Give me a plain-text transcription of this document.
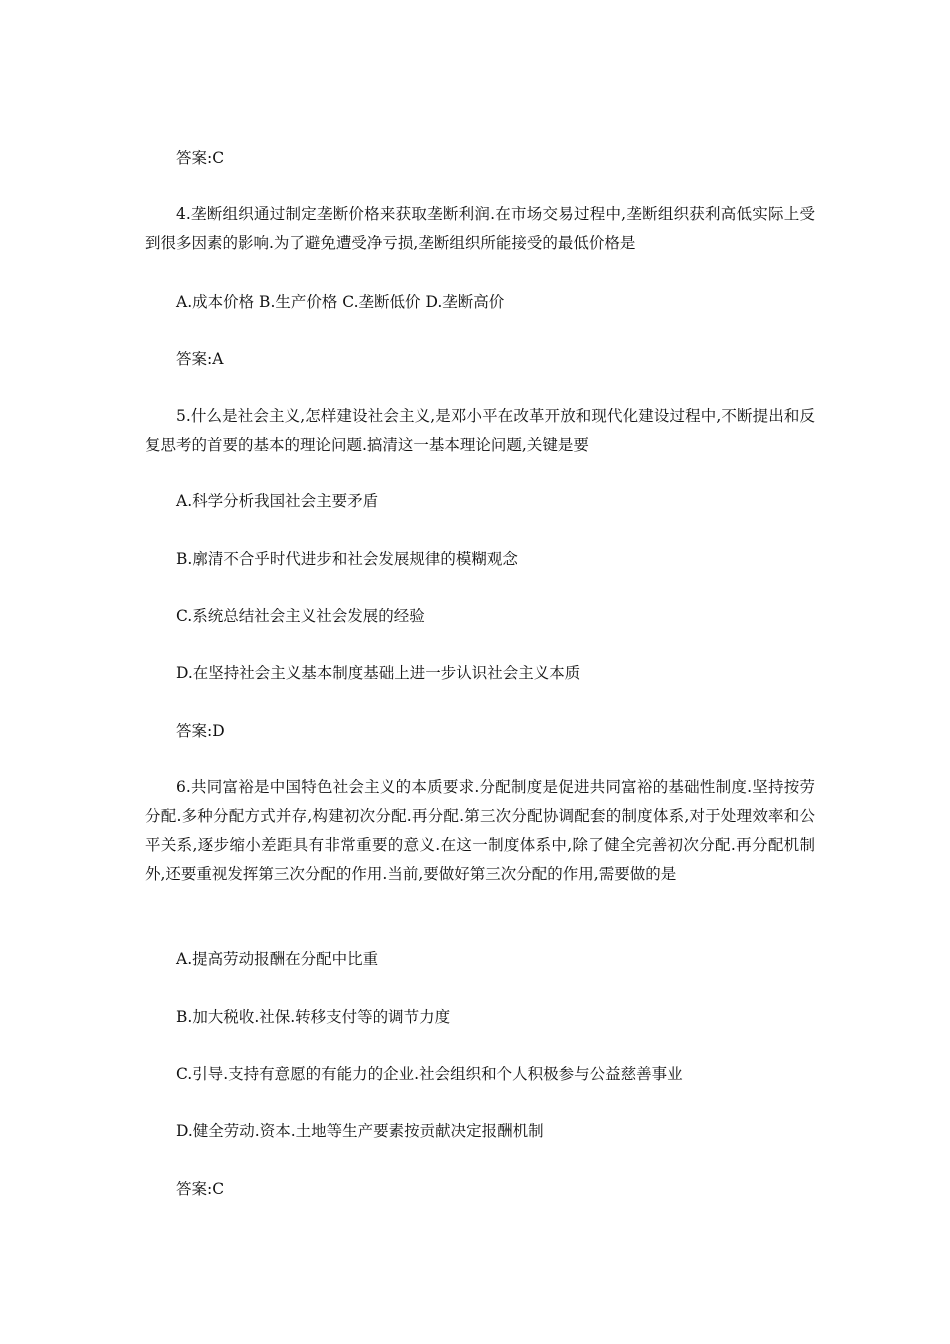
答案:C

4.垄断组织通过制定垄断价格来获取垄断利润.在市场交易过程中,垄断组织获利高低实际上受到很多因素的影响.为了避免遭受净亏损,垄断组织所能接受的最低价格是

A.成本价格 B.生产价格 C.垄断低价 D.垄断高价

答案:A

5.什么是社会主义,怎样建设社会主义,是邓小平在改革开放和现代化建设过程中,不断提出和反复思考的首要的基本的理论问题.搞清这一基本理论问题,关键是要

A.科学分析我国社会主要矛盾

B.廓清不合乎时代进步和社会发展规律的模糊观念

C.系统总结社会主义社会发展的经验

D.在坚持社会主义基本制度基础上进一步认识社会主义本质

答案:D

6.共同富裕是中国特色社会主义的本质要求.分配制度是促进共同富裕的基础性制度.坚持按劳分配.多种分配方式并存,构建初次分配.再分配.第三次分配协调配套的制度体系,对于处理效率和公平关系,逐步缩小差距具有非常重要的意义.在这一制度体系中,除了健全完善初次分配.再分配机制外,还要重视发挥第三次分配的作用.当前,要做好第三次分配的作用,需要做的是

A.提高劳动报酬在分配中比重

B.加大税收.社保.转移支付等的调节力度

C.引导.支持有意愿的有能力的企业.社会组织和个人积极参与公益慈善事业

D.健全劳动.资本.土地等生产要素按贡献决定报酬机制

答案:C
